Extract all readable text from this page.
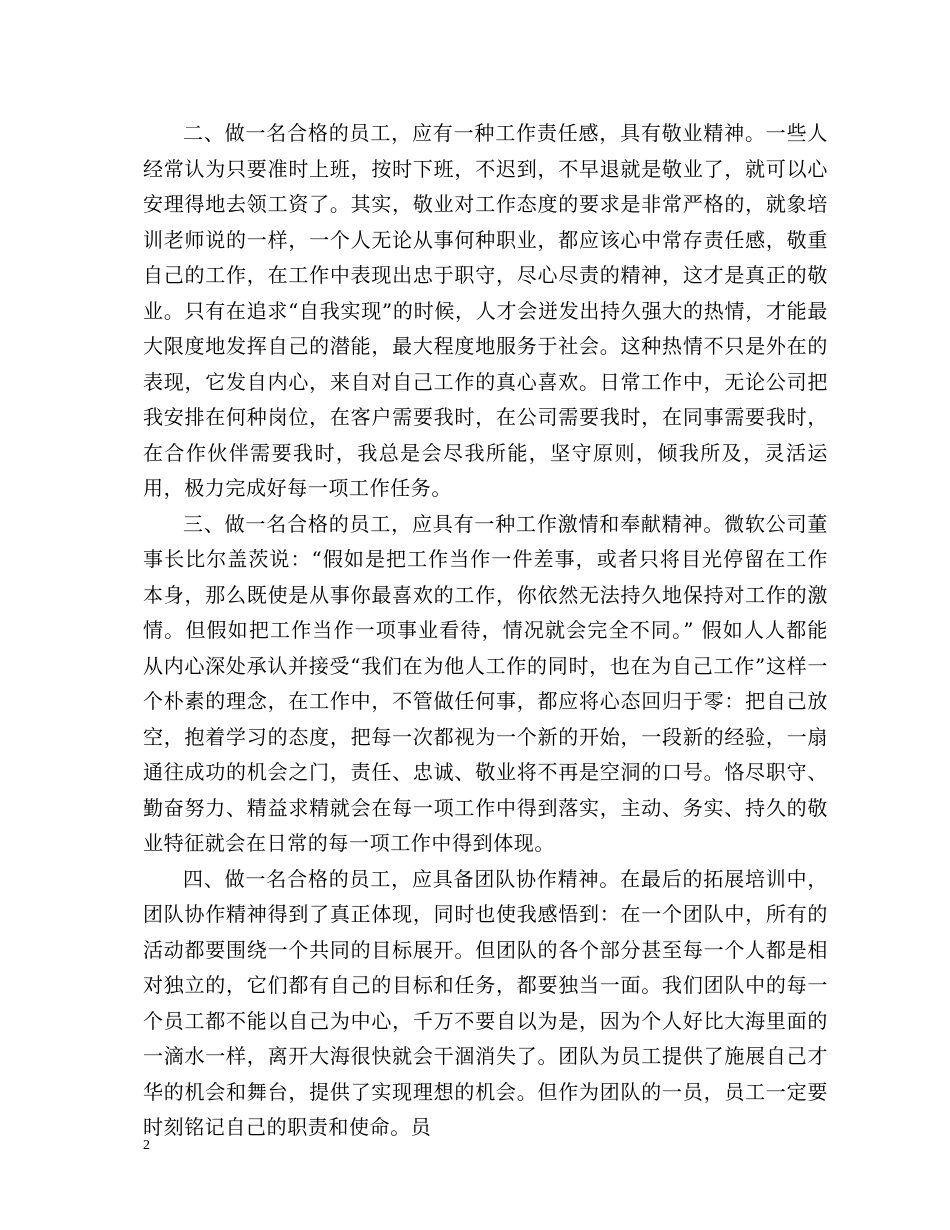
二、做一名合格的员工，应有一种工作责任感，具有敬业精神。一些人经常认为只要准时上班，按时下班，不迟到，不早退就是敬业了，就可以心安理得地去领工资了。其实，敬业对工作态度的要求是非常严格的，就象培训老师说的一样，一个人无论从事何种职业，都应该心中常存责任感，敬重自己的工作，在工作中表现出忠于职守，尽心尽责的精神，这才是真正的敬业。只有在追求“自我实现”的时候，人才会迸发出持久强大的热情，才能最大限度地发挥自己的潜能，最大程度地服务于社会。这种热情不只是外在的表现，它发自内心，来自对自己工作的真心喜欢。日常工作中，无论公司把我安排在何种岗位，在客户需要我时，在公司需要我时，在同事需要我时，在合作伙伴需要我时，我总是会尽我所能，坚守原则，倾我所及，灵活运用，极力完成好每一项工作任务。

三、做一名合格的员工，应具有一种工作激情和奉献精神。微软公司董事长比尔盖茨说：“假如是把工作当作一件差事，或者只将目光停留在工作本身，那么既使是从事你最喜欢的工作，你依然无法持久地保持对工作的激情。但假如把工作当作一项事业看待，情况就会完全不同。” 假如人人都能从内心深处承认并接受“我们在为他人工作的同时，也在为自己工作”这样一个朴素的理念，在工作中，不管做任何事，都应将心态回归于零：把自己放空，抱着学习的态度，把每一次都视为一个新的开始，一段新的经验，一扇通往成功的机会之门，责任、忠诚、敬业将不再是空洞的口号。恪尽职守、勤奋努力、精益求精就会在每一项工作中得到落实，主动、务实、持久的敬业特征就会在日常的每一项工作中得到体现。

四、做一名合格的员工，应具备团队协作精神。在最后的拓展培训中，团队协作精神得到了真正体现，同时也使我感悟到：在一个团队中，所有的活动都要围绕一个共同的目标展开。但团队的各个部分甚至每一个人都是相对独立的，它们都有自己的目标和任务，都要独当一面。我们团队中的每一个员工都不能以自己为中心，千万不要自以为是，因为个人好比大海里面的一滴水一样，离开大海很快就会干涸消失了。团队为员工提供了施展自己才华的机会和舞台，提供了实现理想的机会。但作为团队的一员，员工一定要时刻铭记自己的职责和使命。员

2
